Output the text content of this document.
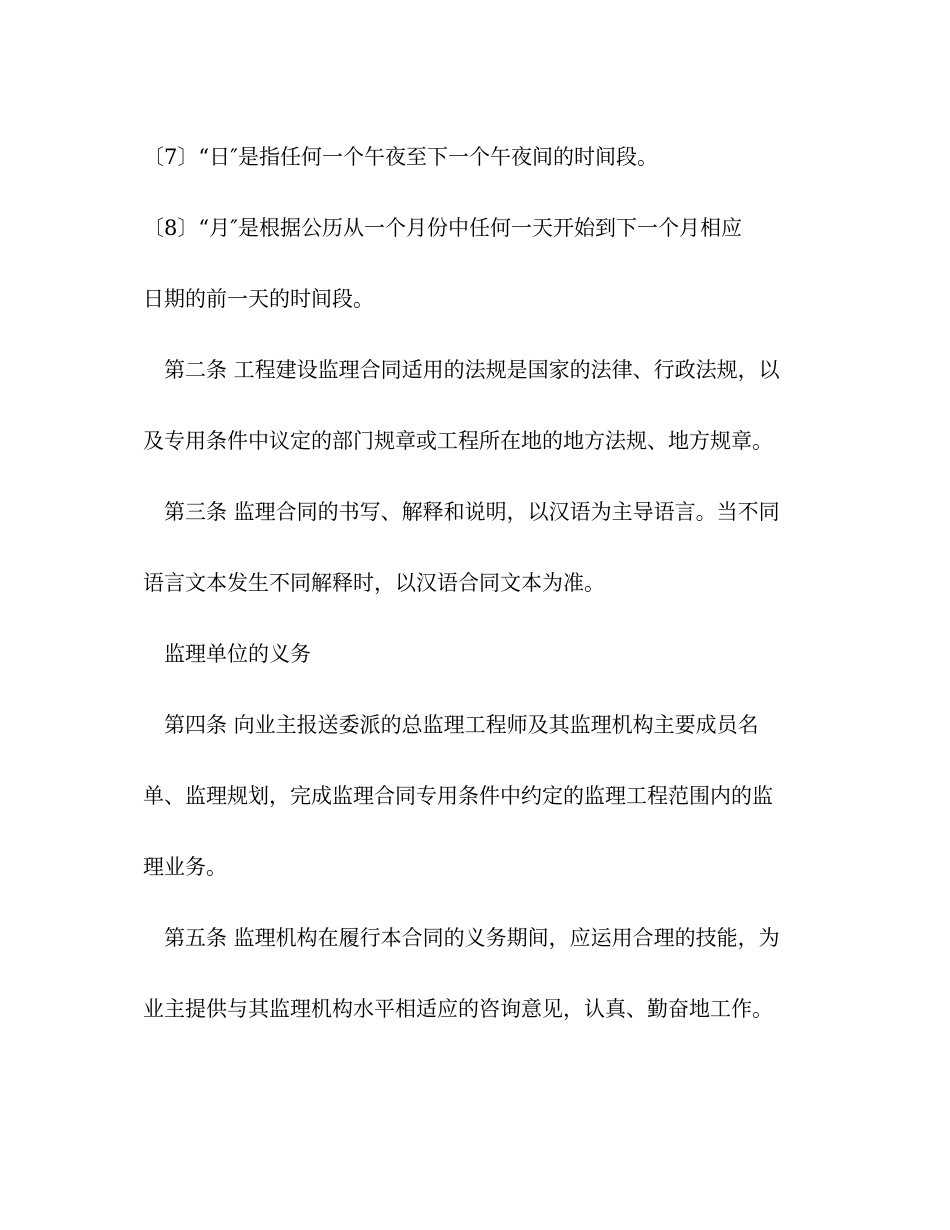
〔7〕“日″是指任何一个午夜至下一个午夜间的时间段。
〔8〕“月″是根据公历从一个月份中任何一天开始到下一个月相应
日期的前一天的时间段。
第二条 工程建设监理合同适用的法规是国家的法律、行政法规，以
及专用条件中议定的部门规章或工程所在地的地方法规、地方规章。
第三条 监理合同的书写、解释和说明，以汉语为主导语言。当不同
语言文本发生不同解释时，以汉语合同文本为准。
监理单位的义务
第四条 向业主报送委派的总监理工程师及其监理机构主要成员名
单、监理规划，完成监理合同专用条件中约定的监理工程范围内的监
理业务。
第五条 监理机构在履行本合同的义务期间，应运用合理的技能，为
业主提供与其监理机构水平相适应的咨询意见，认真、勤奋地工作。
